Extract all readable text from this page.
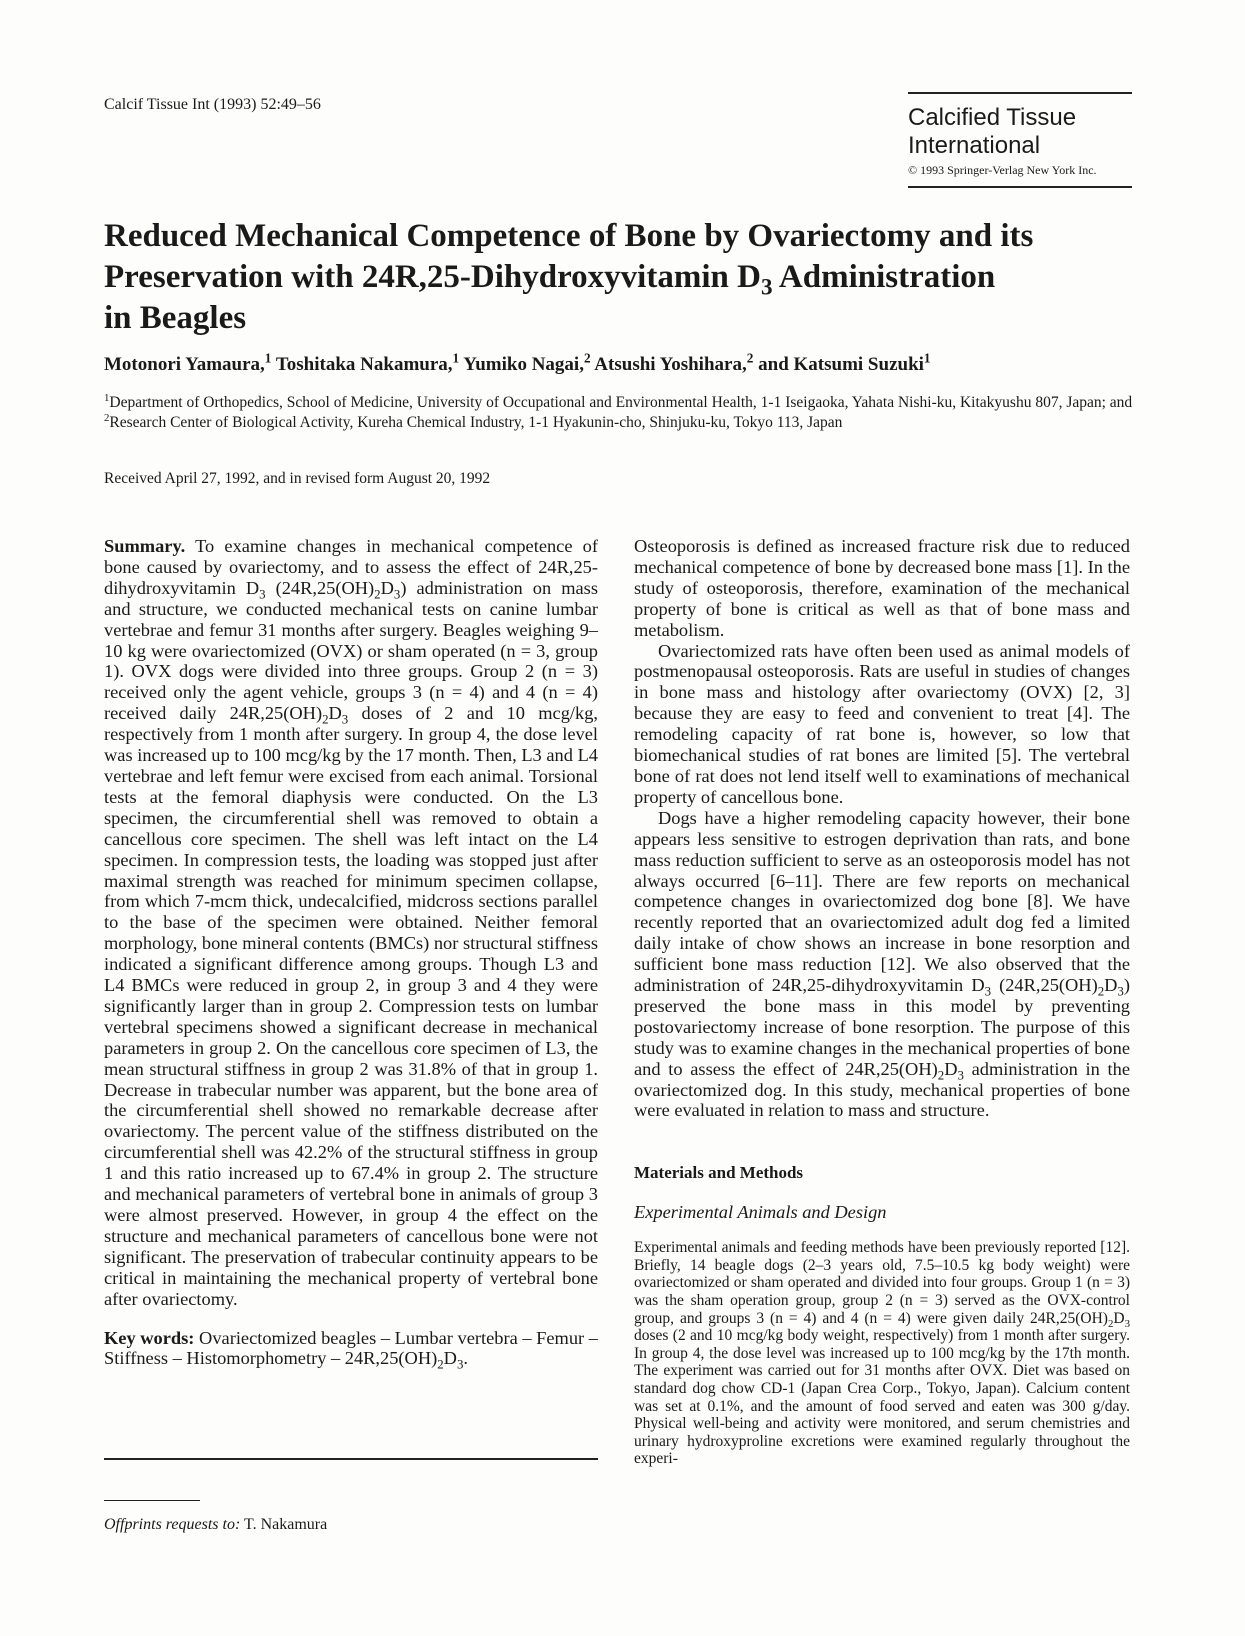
Calcif Tissue Int (1993) 52:49–56	Calcified Tissue
International
© 1993 Springer-Verlag New York Inc.
Reduced Mechanical Competence of Bone by Ovariectomy and its
Preservation with 24R,25-Dihydroxyvitamin $D_3$ Administration
in Beagles
Motonori Yamaura,$^1$ Toshitaka Nakamura,$^1$ Yumiko Nagai,$^2$ Atsushi Yoshihara,$^2$ and Katsumi Suzuki$^1$
$^1$Department of Orthopedics, School of Medicine, University of Occupational and Environmental Health, 1-1 Iseigaoka, Yahata Nishi-ku, Kitakyushu 807, Japan; and $^2$Research Center of Biological Activity, Kureha Chemical Industry, 1-1 Hyakunin-cho, Shinjuku-ku, Tokyo 113, Japan
Received April 27, 1992, and in revised form August 20, 1992

Summary. To examine changes in mechanical competence of bone caused by ovariectomy, and to assess the effect of 24R,25-dihydroxyvitamin $D_3$ $(24R,25(OH)_2D_3)$ administration on mass and structure, we conducted mechanical tests on canine lumbar vertebrae and femur 31 months after surgery. Beagles weighing 9–10 kg were ovariectomized (OVX) or sham operated (n = 3, group 1). OVX dogs were divided into three groups. Group 2 (n = 3) received only the agent vehicle, groups 3 (n = 4) and 4 (n = 4) received daily $24R,25(OH)_2D_3$ doses of 2 and 10 mcg/kg, respectively from 1 month after surgery. In group 4, the dose level was increased up to 100 mcg/kg by the 17 month. Then, L3 and L4 vertebrae and left femur were excised from each animal. Torsional tests at the femoral diaphysis were conducted. On the L3 specimen, the circumferential shell was removed to obtain a cancellous core specimen. The shell was left intact on the L4 specimen. In compression tests, the loading was stopped just after maximal strength was reached for minimum specimen collapse, from which 7-mcm thick, undecalcified, midcross sections parallel to the base of the specimen were obtained. Neither femoral morphology, bone mineral contents (BMCs) nor structural stiffness indicated a significant difference among groups. Though L3 and L4 BMCs were reduced in group 2, in group 3 and 4 they were significantly larger than in group 2. Compression tests on lumbar vertebral specimens showed a significant decrease in mechanical parameters in group 2. On the cancellous core specimen of L3, the mean structural stiffness in group 2 was 31.8% of that in group 1. Decrease in trabecular number was apparent, but the bone area of the circumferential shell showed no remarkable decrease after ovariectomy. The percent value of the stiffness distributed on the circumferential shell was 42.2% of the structural stiffness in group 1 and this ratio increased up to 67.4% in group 2. The structure and mechanical parameters of vertebral bone in animals of group 3 were almost preserved. However, in group 4 the effect on the structure and mechanical parameters of cancellous bone were not significant. The preservation of trabecular continuity appears to be critical in maintaining the mechanical property of vertebral bone after ovariectomy.

Key words: Ovariectomized beagles – Lumbar vertebra – Femur – Stiffness – Histomorphometry – $24R,25(OH)_2D_3$.

Offprints requests to: T. Nakamura

Osteoporosis is defined as increased fracture risk due to reduced mechanical competence of bone by decreased bone mass [1]. In the study of osteoporosis, therefore, examination of the mechanical property of bone is critical as well as that of bone mass and metabolism.

Ovariectomized rats have often been used as animal models of postmenopausal osteoporosis. Rats are useful in studies of changes in bone mass and histology after ovariectomy (OVX) [2, 3] because they are easy to feed and convenient to treat [4]. The remodeling capacity of rat bone is, however, so low that biomechanical studies of rat bones are limited [5]. The vertebral bone of rat does not lend itself well to examinations of mechanical property of cancellous bone.

Dogs have a higher remodeling capacity however, their bone appears less sensitive to estrogen deprivation than rats, and bone mass reduction sufficient to serve as an osteoporosis model has not always occurred [6–11]. There are few reports on mechanical competence changes in ovariectomized dog bone [8]. We have recently reported that an ovariectomized adult dog fed a limited daily intake of chow shows an increase in bone resorption and sufficient bone mass reduction [12]. We also observed that the administration of 24R,25-dihydroxyvitamin $D_3$ $(24R,25(OH)_2D_3)$ preserved the bone mass in this model by preventing postovariectomy increase of bone resorption. The purpose of this study was to examine changes in the mechanical properties of bone and to assess the effect of $24R,25(OH)_2D_3$ administration in the ovariectomized dog. In this study, mechanical properties of bone were evaluated in relation to mass and structure.

Materials and Methods
Experimental Animals and Design

Experimental animals and feeding methods have been previously reported [12]. Briefly, 14 beagle dogs (2–3 years old, 7.5–10.5 kg body weight) were ovariectomized or sham operated and divided into four groups. Group 1 (n = 3) was the sham operation group, group 2 (n = 3) served as the OVX-control group, and groups 3 (n = 4) and 4 (n = 4) were given daily $24R,25(OH)_2D_3$ doses (2 and 10 mcg/kg body weight, respectively) from 1 month after surgery. In group 4, the dose level was increased up to 100 mcg/kg by the 17th month. The experiment was carried out for 31 months after OVX. Diet was based on standard dog chow CD-1 (Japan Crea Corp., Tokyo, Japan). Calcium content was set at 0.1%, and the amount of food served and eaten was 300 g/day. Physical well-being and activity were monitored, and serum chemistries and urinary hydroxyproline excretions were examined regularly throughout the experi-
